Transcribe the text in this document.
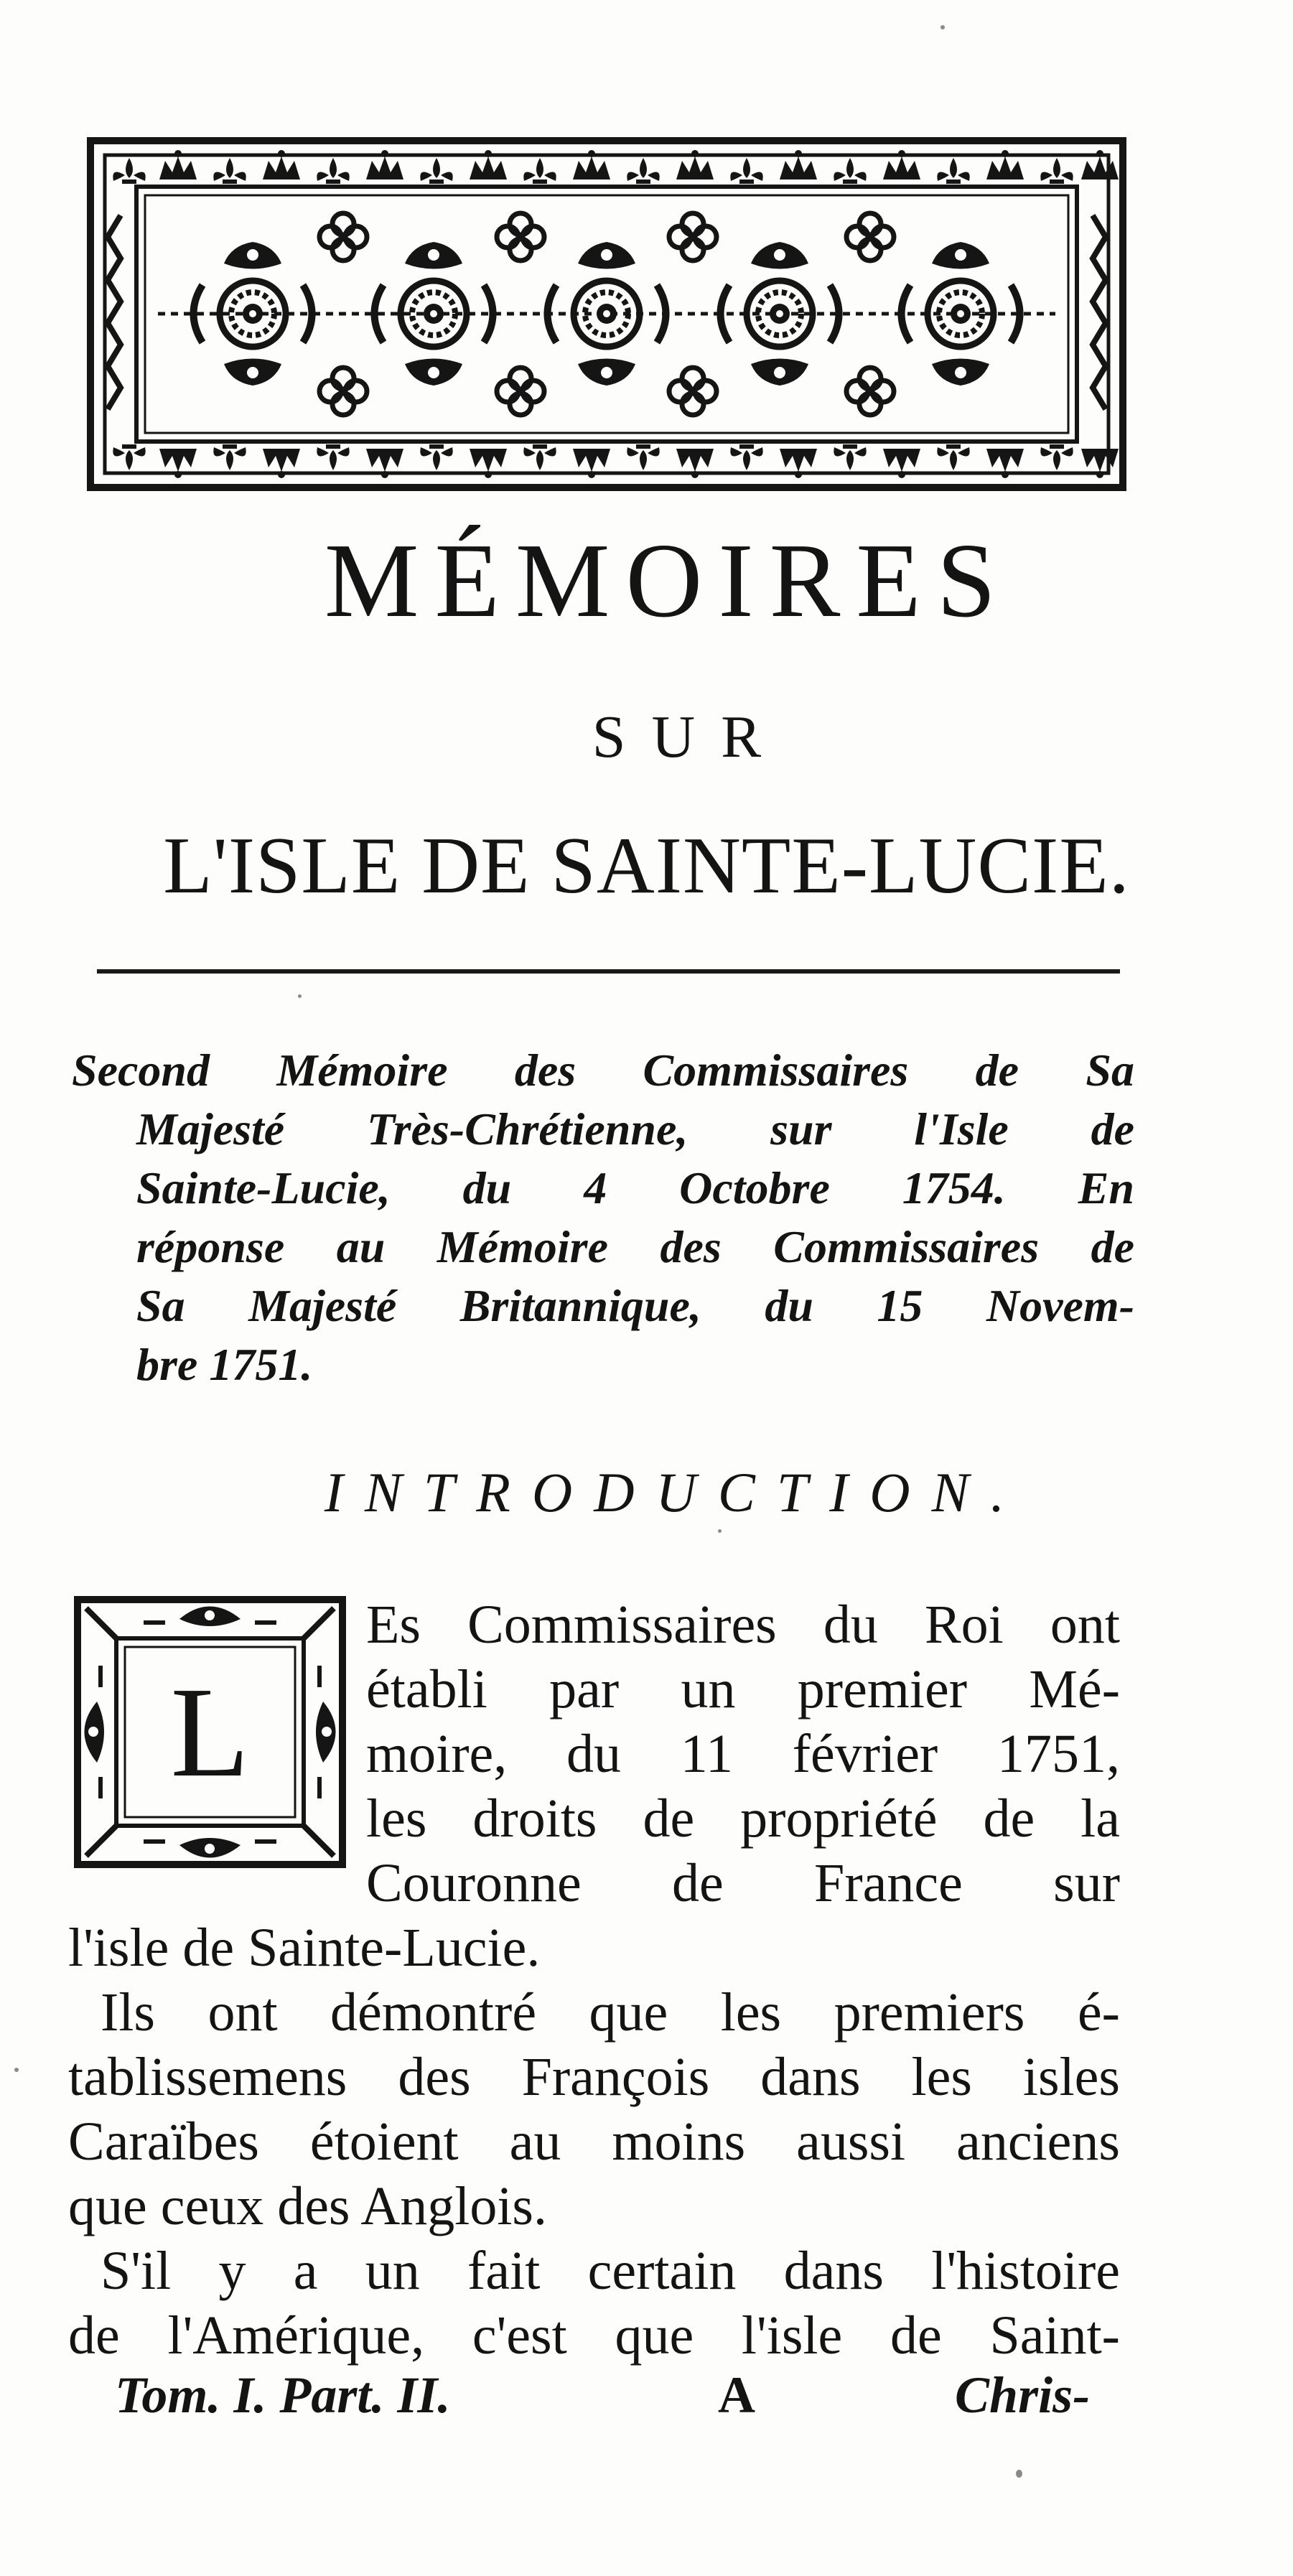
MÉMOIRES
SUR
L'ISLE DE SAINTE-LUCIE.
Second Mémoire des Commissaires de Sa
Majesté Très-Chrétienne, sur l'Isle de
Sainte-Lucie, du 4 Octobre 1754. En
réponse au Mémoire des Commissaires de
Sa Majesté Britannique, du 15 Novem-
bre 1751.
INTRODUCTION.
L
Es Commissaires du Roi ont
établi par un premier Mé-
moire, du 11 février 1751,
les droits de propriété de la
Couronne de France sur
l'isle de Sainte-Lucie.
Ils ont démontré que les premiers é-
tablissemens des François dans les isles
Caraïbes étoient au moins aussi anciens
que ceux des Anglois.
S'il y a un fait certain dans l'histoire
de l'Amérique, c'est que l'isle de Saint-
Tom. I. Part. II.	A	Chris-
